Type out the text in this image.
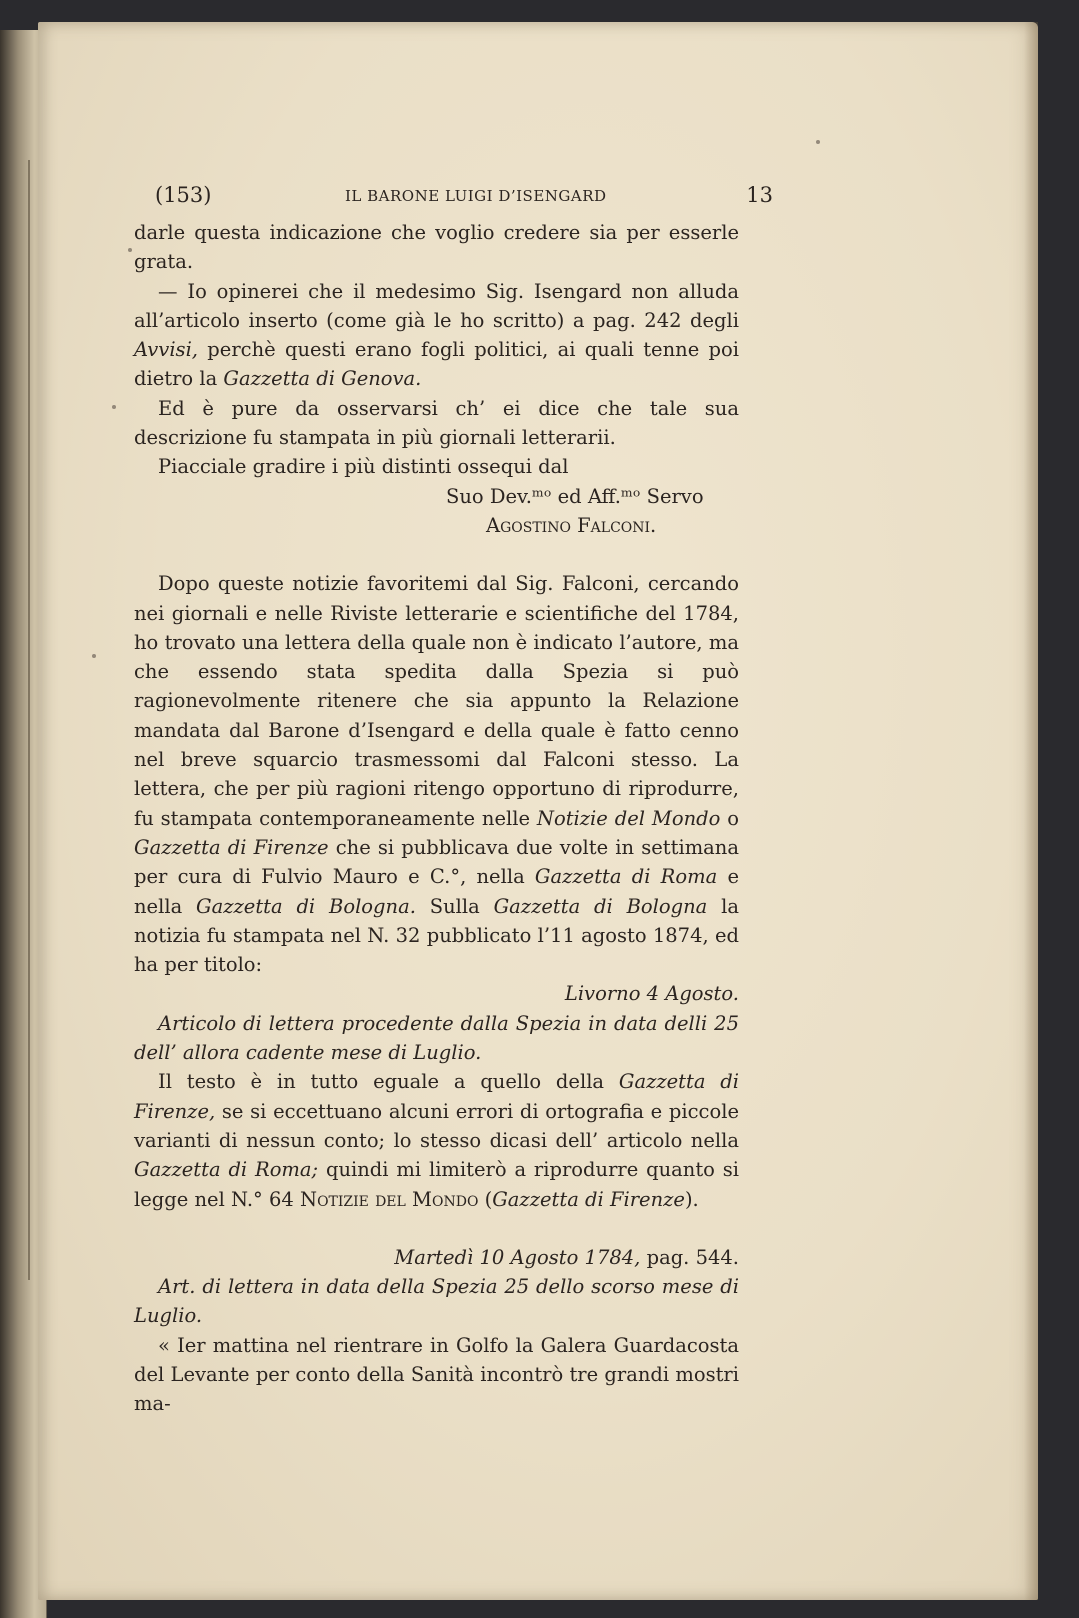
(153)	IL BARONE LUIGI D’ISENGARD	13

darle questa indicazione che voglio credere sia per esserle grata.

— Io opinerei che il medesimo Sig. Isengard non alluda all’articolo inserto (come già le ho scritto) a pag. 242 degli Avvisi, perchè questi erano fogli politici, ai quali tenne poi dietro la Gazzetta di Genova.

Ed è pure da osservarsi ch’ ei dice che tale sua descrizione fu stampata in più giornali letterarii.

Piacciale gradire i più distinti ossequi dal

Suo Dev.ᵐᵒ ed Aff.ᵐᵒ Servo

Agostino Falconi.

Dopo queste notizie favoritemi dal Sig. Falconi, cercando nei giornali e nelle Riviste letterarie e scientifiche del 1784, ho trovato una lettera della quale non è indicato l’autore, ma che essendo stata spedita dalla Spezia si può ragionevolmente ritenere che sia appunto la Relazione mandata dal Barone d’Isengard e della quale è fatto cenno nel breve squarcio trasmessomi dal Falconi stesso. La lettera, che per più ragioni ritengo opportuno di riprodurre, fu stampata contemporaneamente nelle Notizie del Mondo o Gazzetta di Firenze che si pubblicava due volte in settimana per cura di Fulvio Mauro e C.°, nella Gazzetta di Roma e nella Gazzetta di Bologna. Sulla Gazzetta di Bologna la notizia fu stampata nel N. 32 pubblicato l’11 agosto 1874, ed ha per titolo:

Livorno 4 Agosto.

Articolo di lettera procedente dalla Spezia in data delli 25 dell’ allora cadente mese di Luglio.

Il testo è in tutto eguale a quello della Gazzetta di Firenze, se si eccettuano alcuni errori di ortografia e piccole varianti di nessun conto; lo stesso dicasi dell’ articolo nella Gazzetta di Roma; quindi mi limiterò a riprodurre quanto si legge nel N.° 64 Notizie del Mondo (Gazzetta di Firenze).

Martedì 10 Agosto 1784, pag. 544.

Art. di lettera in data della Spezia 25 dello scorso mese di Luglio.

« Ier mattina nel rientrare in Golfo la Galera Guardacosta del Levante per conto della Sanità incontrò tre grandi mostri ma-
